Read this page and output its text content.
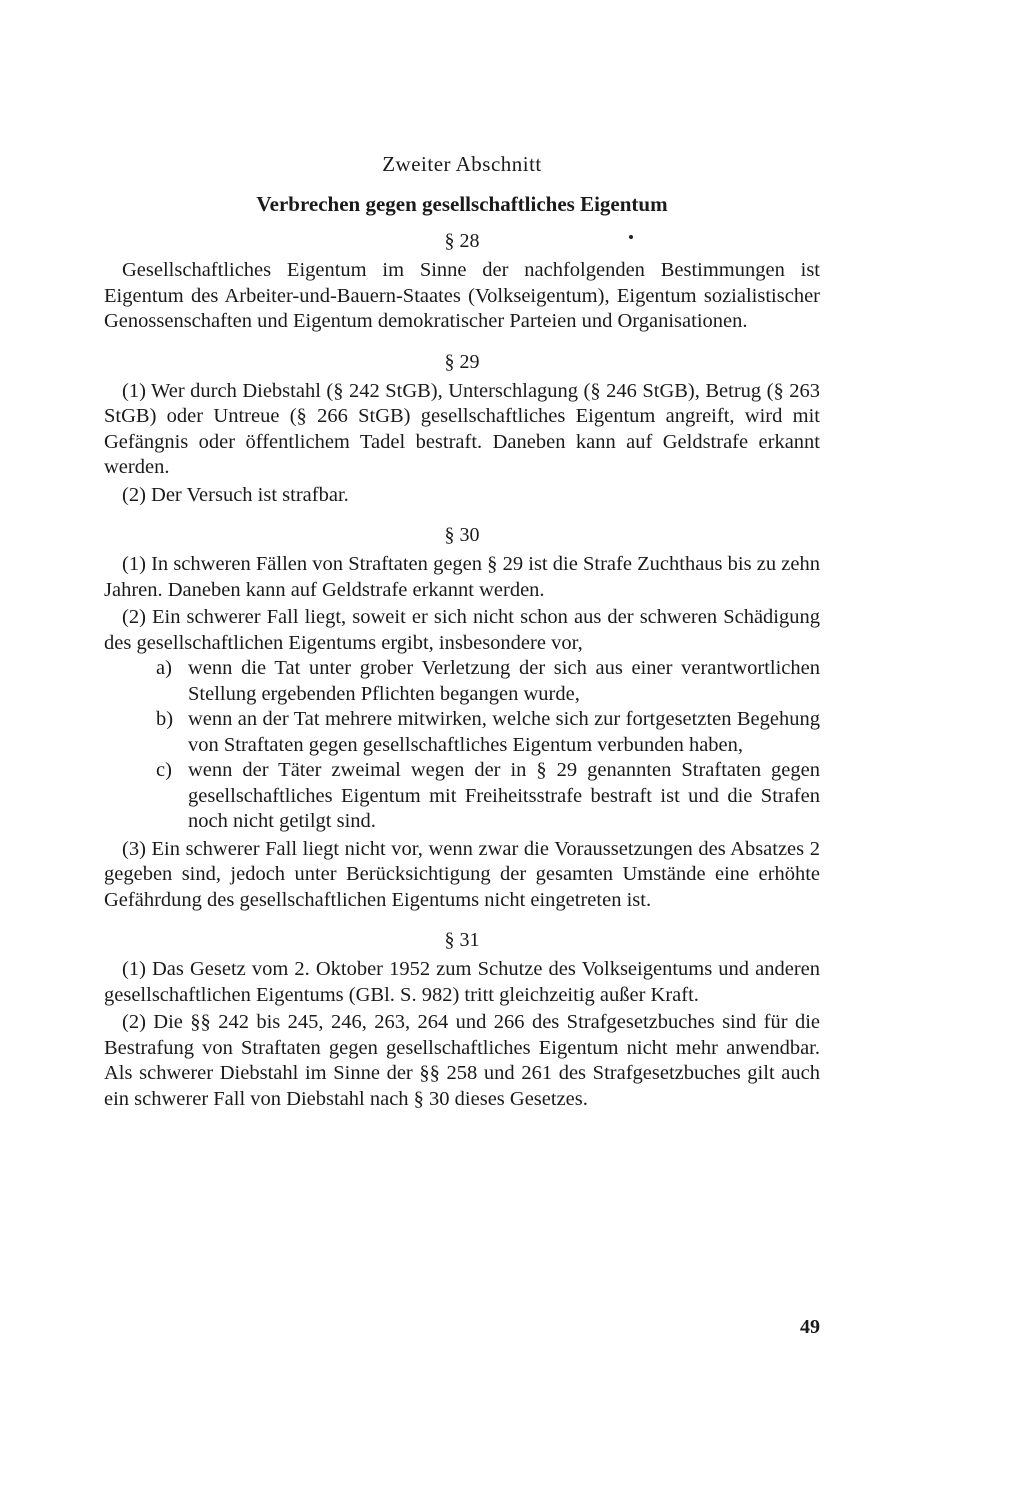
Zweiter Abschnitt

Verbrechen gegen gesellschaftliches Eigentum

§ 28

Gesellschaftliches Eigentum im Sinne der nachfolgenden Bestimmungen ist Eigentum des Arbeiter-und-Bauern-Staates (Volkseigentum), Eigentum sozialistischer Genossenschaften und Eigentum demokratischer Parteien und Organisationen.

§ 29

(1) Wer durch Diebstahl (§ 242 StGB), Unterschlagung (§ 246 StGB), Betrug (§ 263 StGB) oder Untreue (§ 266 StGB) gesellschaftliches Eigentum angreift, wird mit Gefängnis oder öffentlichem Tadel bestraft. Daneben kann auf Geldstrafe erkannt werden.

(2) Der Versuch ist strafbar.

§ 30

(1) In schweren Fällen von Straftaten gegen § 29 ist die Strafe Zuchthaus bis zu zehn Jahren. Daneben kann auf Geldstrafe erkannt werden.

(2) Ein schwerer Fall liegt, soweit er sich nicht schon aus der schweren Schädigung des gesellschaftlichen Eigentums ergibt, insbesondere vor,

a) wenn die Tat unter grober Verletzung der sich aus einer verantwortlichen Stellung ergebenden Pflichten begangen wurde,
b) wenn an der Tat mehrere mitwirken, welche sich zur fortgesetzten Begehung von Straftaten gegen gesellschaftliches Eigentum verbunden haben,
c) wenn der Täter zweimal wegen der in § 29 genannten Straftaten gegen gesellschaftliches Eigentum mit Freiheitsstrafe bestraft ist und die Strafen noch nicht getilgt sind.

(3) Ein schwerer Fall liegt nicht vor, wenn zwar die Voraussetzungen des Absatzes 2 gegeben sind, jedoch unter Berücksichtigung der gesamten Umstände eine erhöhte Gefährdung des gesellschaftlichen Eigentums nicht eingetreten ist.

§ 31

(1) Das Gesetz vom 2. Oktober 1952 zum Schutze des Volkseigentums und anderen gesellschaftlichen Eigentums (GBl. S. 982) tritt gleichzeitig außer Kraft.

(2) Die §§ 242 bis 245, 246, 263, 264 und 266 des Strafgesetzbuches sind für die Bestrafung von Straftaten gegen gesellschaftliches Eigentum nicht mehr anwendbar. Als schwerer Diebstahl im Sinne der §§ 258 und 261 des Strafgesetzbuches gilt auch ein schwerer Fall von Diebstahl nach § 30 dieses Gesetzes.

49
